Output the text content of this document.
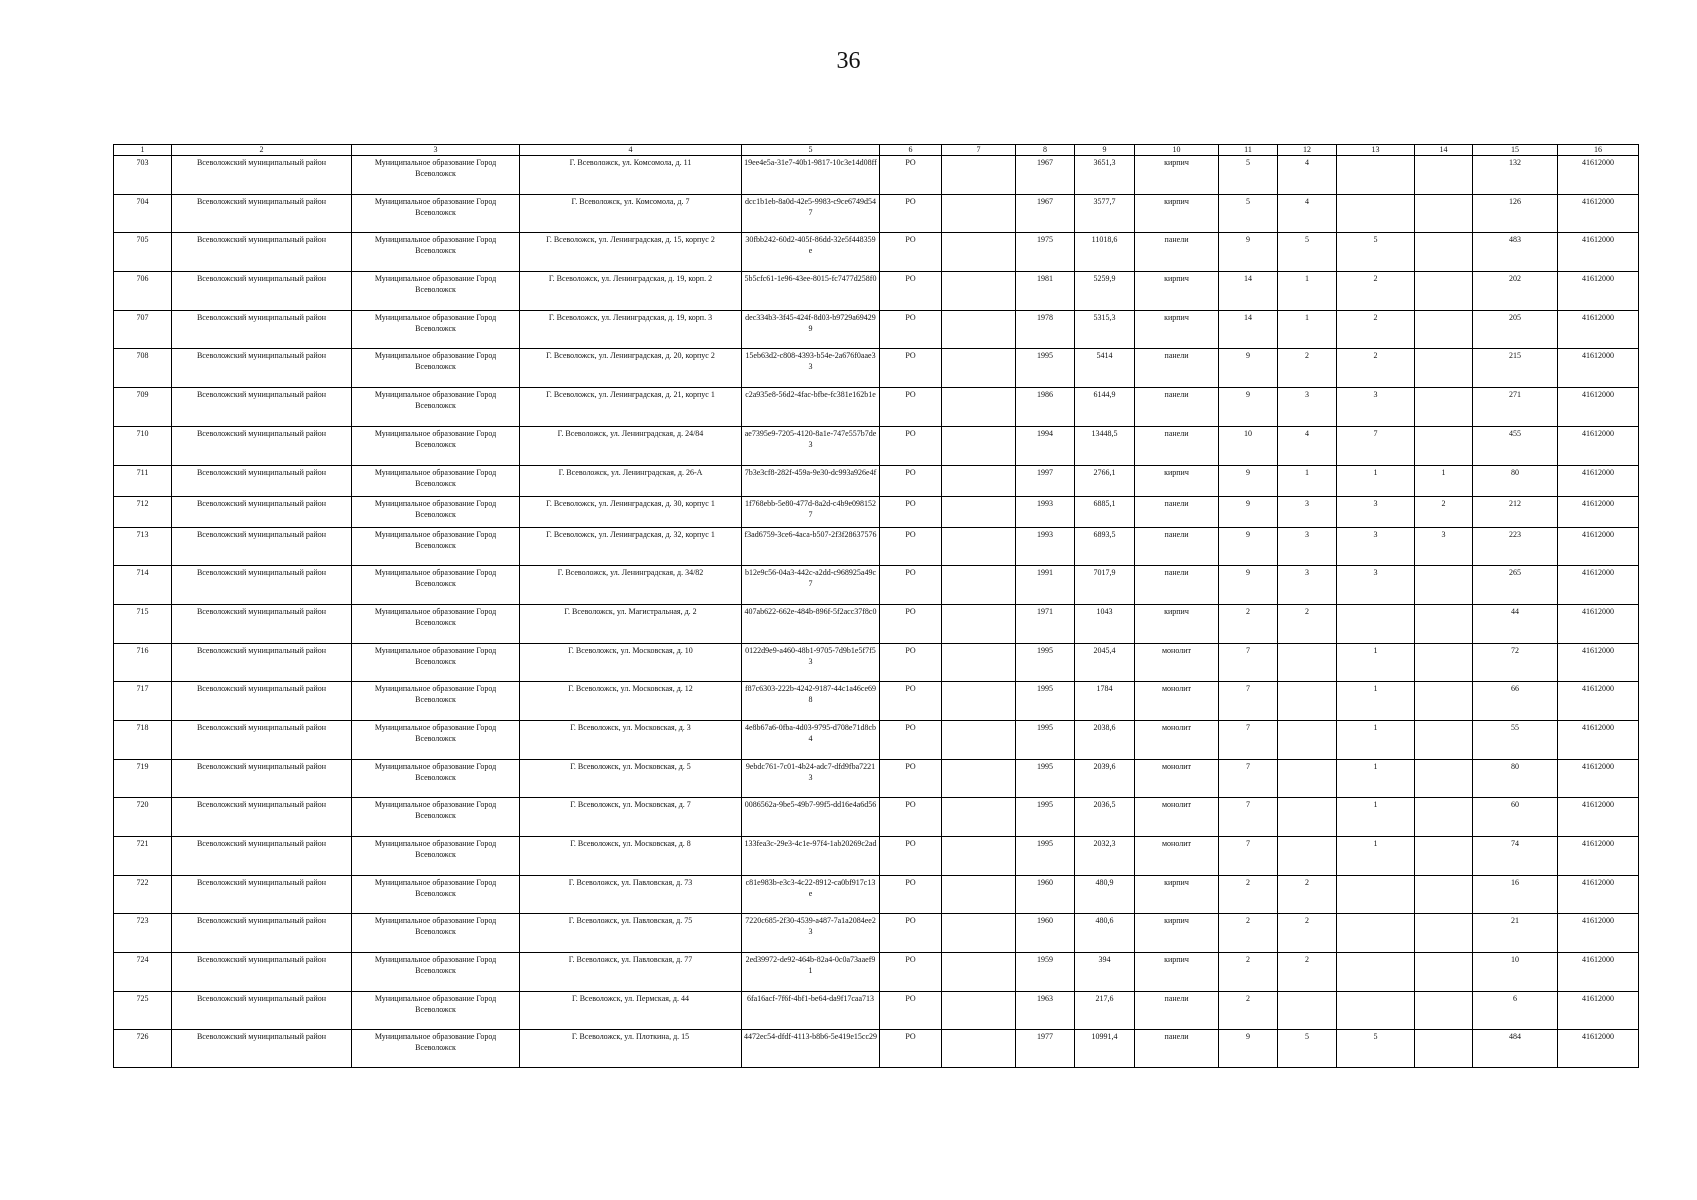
36
1	2	3	4	5	6	7	8	9	10	11	12	13	14	15	16
703	Всеволожский муниципальный район	Муниципальное образование Город Всеволожск	Г. Всеволожск, ул. Комсомола, д. 11	19ee4e5a-31e7-40b1-9817-10c3e14d08ff	РО		1967	3651,3	кирпич	5	4			132	41612000
704	Всеволожский муниципальный район	Муниципальное образование Город Всеволожск	Г. Всеволожск, ул. Комсомола, д. 7	dcc1b1eb-8a0d-42e5-9983-c9ce6749d547	РО		1967	3577,7	кирпич	5	4			126	41612000
705	Всеволожский муниципальный район	Муниципальное образование Город Всеволожск	Г. Всеволожск, ул. Ленинградская, д. 15, корпус 2	30fbb242-60d2-405f-86dd-32e5f448359e	РО		1975	11018,6	панели	9	5	5		483	41612000
706	Всеволожский муниципальный район	Муниципальное образование Город Всеволожск	Г. Всеволожск, ул. Ленинградская, д. 19, корп. 2	5b5cfc61-1e96-43ee-8015-fc7477d258f0	РО		1981	5259,9	кирпич	14	1	2		202	41612000
707	Всеволожский муниципальный район	Муниципальное образование Город Всеволожск	Г. Всеволожск, ул. Ленинградская, д. 19, корп. 3	dec334b3-3f45-424f-8d03-b9729a694299	РО		1978	5315,3	кирпич	14	1	2		205	41612000
708	Всеволожский муниципальный район	Муниципальное образование Город Всеволожск	Г. Всеволожск, ул. Ленинградская, д. 20, корпус 2	15eb63d2-c808-4393-b54e-2a676f0aae33	РО		1995	5414	панели	9	2	2		215	41612000
709	Всеволожский муниципальный район	Муниципальное образование Город Всеволожск	Г. Всеволожск, ул. Ленинградская, д. 21, корпус 1	c2a935e8-56d2-4fac-bfbe-fc381e162b1e	РО		1986	6144,9	панели	9	3	3		271	41612000
710	Всеволожский муниципальный район	Муниципальное образование Город Всеволожск	Г. Всеволожск, ул. Ленинградская, д. 24/84	ae7395e9-7205-4120-8a1e-747e557b7de3	РО		1994	13448,5	панели	10	4	7		455	41612000
711	Всеволожский муниципальный район	Муниципальное образование Город Всеволожск	Г. Всеволожск, ул. Ленинградская, д. 26-А	7b3e3cf8-282f-459a-9e30-dc993a926e4f	РО		1997	2766,1	кирпич	9	1	1	1	80	41612000
712	Всеволожский муниципальный район	Муниципальное образование Город Всеволожск	Г. Всеволожск, ул. Ленинградская, д. 30, корпус 1	1f768ebb-5e80-477d-8a2d-c4b9e0981527	РО		1993	6885,1	панели	9	3	3	2	212	41612000
713	Всеволожский муниципальный район	Муниципальное образование Город Всеволожск	Г. Всеволожск, ул. Ленинградская, д. 32, корпус 1	f3ad6759-3ce6-4aca-b507-2f3f28637576	РО		1993	6893,5	панели	9	3	3	3	223	41612000
714	Всеволожский муниципальный район	Муниципальное образование Город Всеволожск	Г. Всеволожск, ул. Ленинградская, д. 34/82	b12e9c56-04a3-442c-a2dd-c968925a49c7	РО		1991	7017,9	панели	9	3	3		265	41612000
715	Всеволожский муниципальный район	Муниципальное образование Город Всеволожск	Г. Всеволожск, ул. Магистральная, д. 2	407ab622-662e-484b-896f-5f2acc37f8c0	РО		1971	1043	кирпич	2	2			44	41612000
716	Всеволожский муниципальный район	Муниципальное образование Город Всеволожск	Г. Всеволожск, ул. Московская, д. 10	0122d9e9-a460-48b1-9705-7d9b1e5f7f53	РО		1995	2045,4	монолит	7		1		72	41612000
717	Всеволожский муниципальный район	Муниципальное образование Город Всеволожск	Г. Всеволожск, ул. Московская, д. 12	f87c6303-222b-4242-9187-44c1a46ce698	РО		1995	1784	монолит	7		1		66	41612000
718	Всеволожский муниципальный район	Муниципальное образование Город Всеволожск	Г. Всеволожск, ул. Московская, д. 3	4e8b67a6-0fba-4d03-9795-d708e71d8cb4	РО		1995	2038,6	монолит	7		1		55	41612000
719	Всеволожский муниципальный район	Муниципальное образование Город Всеволожск	Г. Всеволожск, ул. Московская, д. 5	9ebdc761-7c01-4b24-adc7-dfd9fba72213	РО		1995	2039,6	монолит	7		1		80	41612000
720	Всеволожский муниципальный район	Муниципальное образование Город Всеволожск	Г. Всеволожск, ул. Московская, д. 7	0086562a-9be5-49b7-99f5-dd16e4a6d56	РО		1995	2036,5	монолит	7		1		60	41612000
721	Всеволожский муниципальный район	Муниципальное образование Город Всеволожск	Г. Всеволожск, ул. Московская, д. 8	133fea3c-29e3-4c1e-97f4-1ab20269c2ad	РО		1995	2032,3	монолит	7		1		74	41612000
722	Всеволожский муниципальный район	Муниципальное образование Город Всеволожск	Г. Всеволожск, ул. Павловская, д. 73	c81e983b-e3c3-4c22-8912-ca0bf917c13e	РО		1960	480,9	кирпич	2	2			16	41612000
723	Всеволожский муниципальный район	Муниципальное образование Город Всеволожск	Г. Всеволожск, ул. Павловская, д. 75	7220c685-2f30-4539-a487-7a1a2084ee23	РО		1960	480,6	кирпич	2	2			21	41612000
724	Всеволожский муниципальный район	Муниципальное образование Город Всеволожск	Г. Всеволожск, ул. Павловская, д. 77	2ed39972-de92-464b-82a4-0c0a73aaef91	РО		1959	394	кирпич	2	2			10	41612000
725	Всеволожский муниципальный район	Муниципальное образование Город Всеволожск	Г. Всеволожск, ул. Пермская, д. 44	6fa16acf-7f6f-4bf1-be64-da9f17caa713	РО		1963	217,6	панели	2				6	41612000
726	Всеволожский муниципальный район	Муниципальное образование Город Всеволожск	Г. Всеволожск, ул. Плоткина, д. 15	4472ec54-dfdf-4113-b8b6-5e419e15cc29	РО		1977	10991,4	панели	9	5	5		484	41612000
